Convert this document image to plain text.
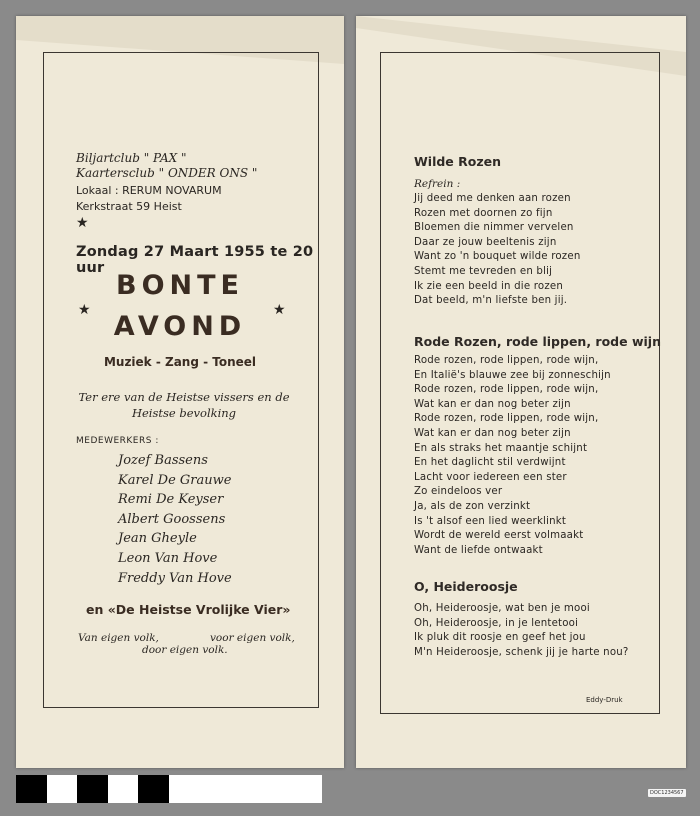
Biljartclub " PAX "
Kaartersclub " ONDER ONS "
Lokaal : RERUM NOVARUM
Kerkstraat 59 Heist
★
Zondag 27 Maart 1955 te 20 uur
BONTE
★	★
AVOND
Muziek - Zang - Toneel
Ter ere van de Heistse vissers en de Heistse bevolking
MEDEWERKERS :
Jozef Bassens
Karel De Grauwe
Remi De Keyser
Albert Goossens
Jean Gheyle
Leon Van Hove
Freddy Van Hove
en «De Heistse Vrolijke Vier»
Van eigen volk,	voor eigen volk,
door eigen volk.
Wilde Rozen
Refrein :
Jij deed me denken aan rozen
Rozen met doornen zo fijn
Bloemen die nimmer vervelen
Daar ze jouw beeltenis zijn
Want zo 'n bouquet wilde rozen
Stemt me tevreden en blij
Ik zie een beeld in die rozen
Dat beeld, m'n liefste ben jij.
Rode Rozen, rode lippen, rode wijn
Rode rozen, rode lippen, rode wijn,
En Italië's blauwe zee bij zonneschijn
Rode rozen, rode lippen, rode wijn,
Wat kan er dan nog beter zijn
Rode rozen, rode lippen, rode wijn,
Wat kan er dan nog beter zijn
En als straks het maantje schijnt
En het daglicht stil verdwijnt
Lacht voor iedereen een ster
Zo eindeloos ver
Ja, als de zon verzinkt
Is 't alsof een lied weerklinkt
Wordt de wereld eerst volmaakt
Want de liefde ontwaakt
O, Heideroosje
Oh, Heideroosje, wat ben je mooi
Oh, Heideroosje, in je lentetooi
Ik pluk dit roosje en geef het jou
M'n Heideroosje, schenk jij je harte nou?
Eddy-Druk
DOC1234567
